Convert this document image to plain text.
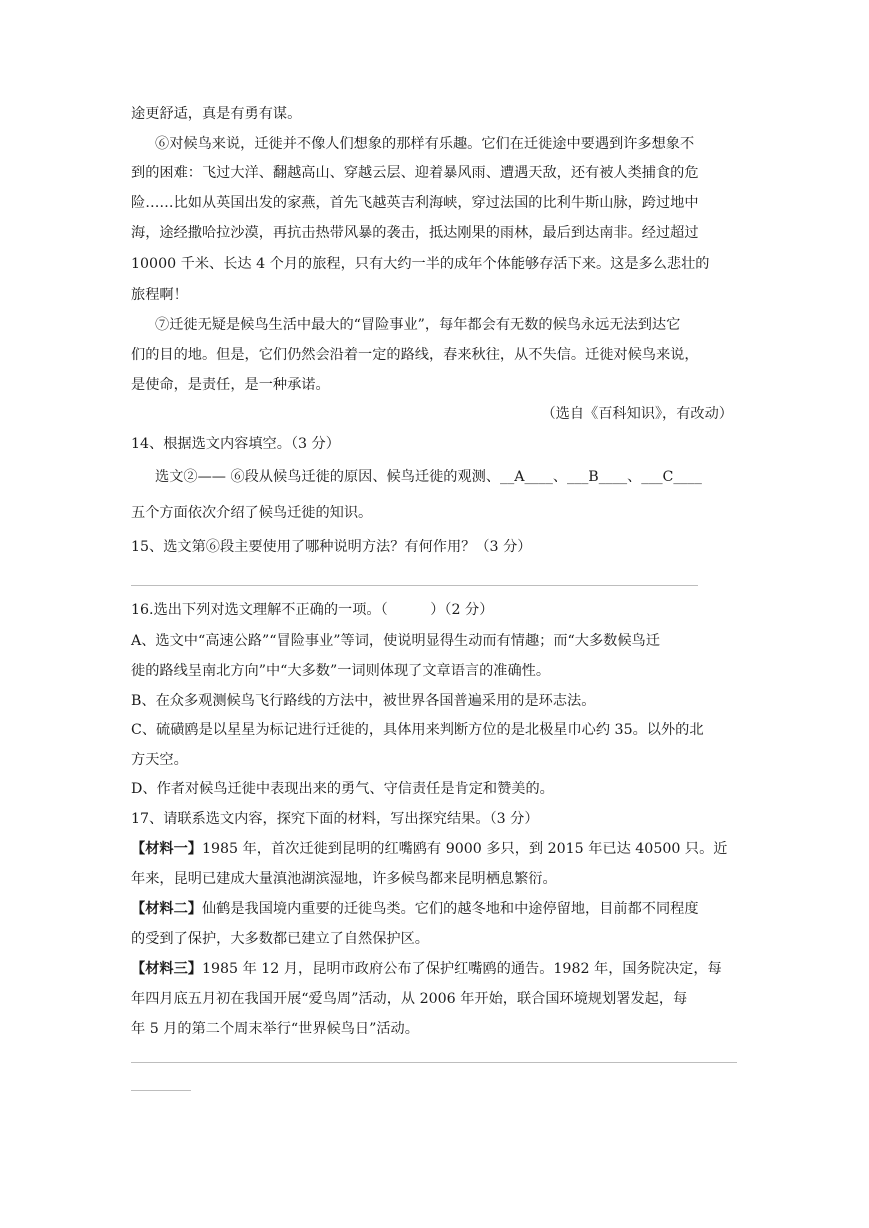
途更舒适，真是有勇有谋。
⑥对候鸟来说，迁徙并不像人们想象的那样有乐趣。它们在迁徙途中要遇到许多想象不
到的困难：飞过大洋、翻越高山、穿越云层、迎着暴风雨、遭遇天敌，还有被人类捕食的危
险……比如从英国出发的家燕，首先飞越英吉利海峡，穿过法国的比利牛斯山脉，跨过地中
海，途经撒哈拉沙漠，再抗击热带风暴的袭击，抵达刚果的雨林，最后到达南非。经过超过
10000 千米、长达 4 个月的旅程，只有大约一半的成年个体能够存活下来。这是多么悲壮的
旅程啊！
⑦迁徙无疑是候鸟生活中最大的“冒险事业”，每年都会有无数的候鸟永远无法到达它
们的目的地。但是，它们仍然会沿着一定的路线，春来秋往，从不失信。迁徙对候鸟来说，
是使命，是责任，是一种承诺。
（选自《百科知识》，有改动）
14、根据选文内容填空。（3 分）
选文②—— ⑥段从候鸟迁徙的原因、候鸟迁徙的观测、__A____、___B____、___C____
五个方面依次介绍了候鸟迁徙的知识。
15、选文第⑥段主要使用了哪种说明方法？有何作用？（3 分）
16.选出下列对选文理解不正确的一项。（　　　）（2 分）
A、选文中“高速公路”“冒险事业”等词，使说明显得生动而有情趣；而“大多数候鸟迁
徙的路线呈南北方向”中“大多数”一词则体现了文章语言的准确性。
B、在众多观测候鸟飞行路线的方法中，被世界各国普遍采用的是环志法。
C、硫磺鸥是以星星为标记进行迁徙的，具体用来判断方位的是北极星巾心约 35。以外的北
方天空。
D、作者对候鸟迁徙中表现出来的勇气、守信责任是肯定和赞美的。
17、请联系选文内容，探究下面的材料，写出探究结果。（3 分）
【材料一】1985 年，首次迁徙到昆明的红嘴鸥有 9000 多只，到 2015 年已达 40500 只。近
年来，昆明已建成大量滇池湖滨湿地，许多候鸟都来昆明栖息繁衍。
【材料二】仙鹤是我国境内重要的迁徙鸟类。它们的越冬地和中途停留地，目前都不同程度
的受到了保护，大多数都已建立了自然保护区。
【材料三】1985 年 12 月，昆明市政府公布了保护红嘴鸥的通告。1982 年，国务院决定，每
年四月底五月初在我国开展“爱鸟周”活动，从 2006 年开始，联合国环境规划署发起，每
年 5 月的第二个周末举行“世界候鸟日”活动。
